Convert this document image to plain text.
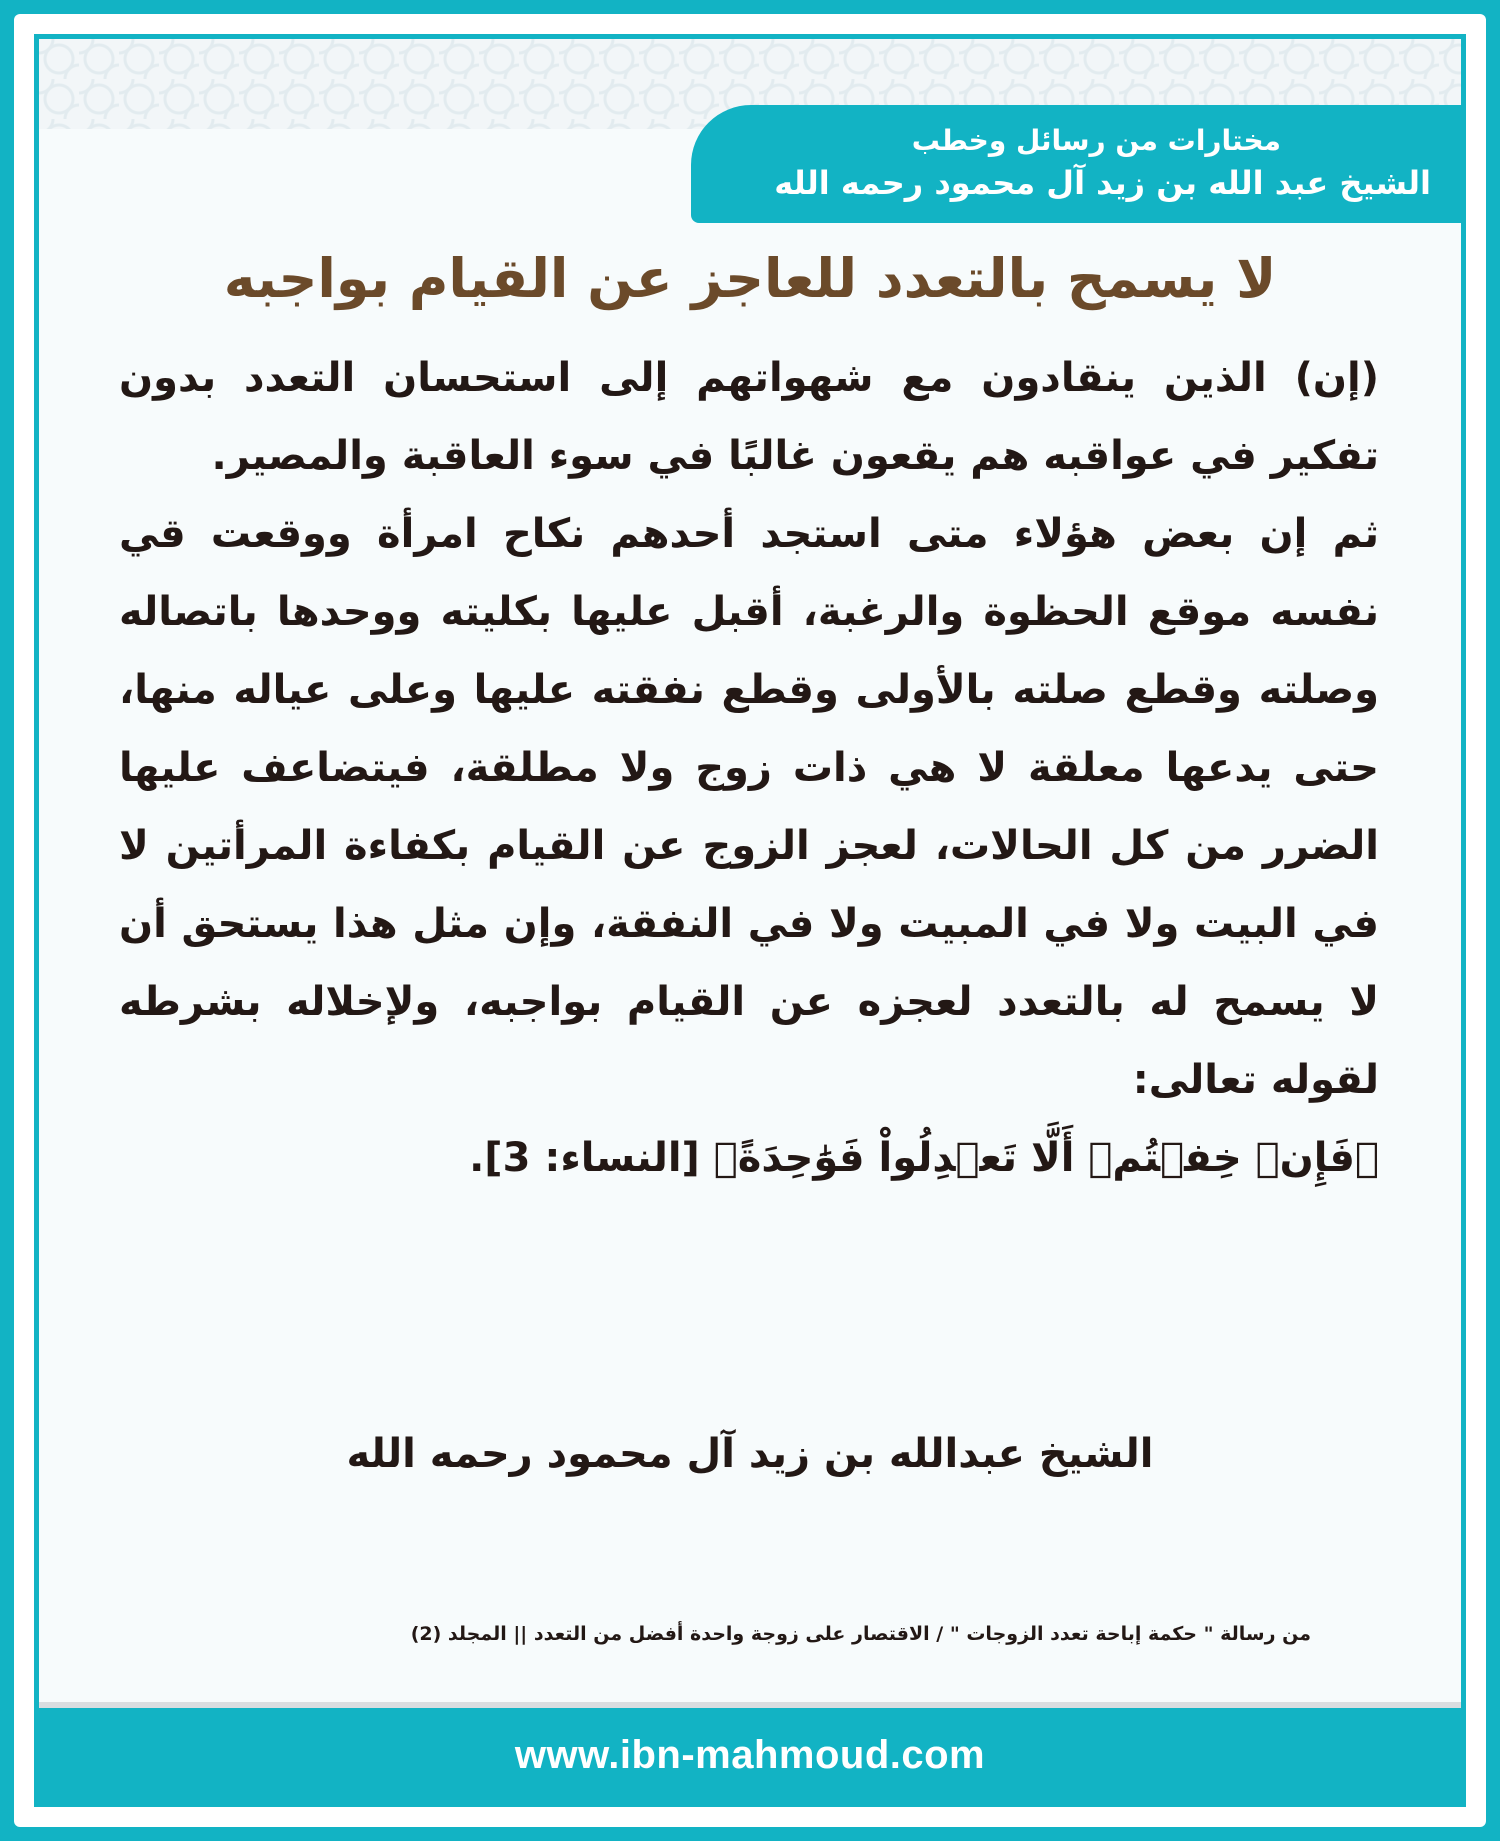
مختارات من رسائل وخطب
الشيخ عبد الله بن زيد آل محمود رحمه الله
لا يسمح بالتعدد للعاجز عن القيام بواجبه

(إن) الذين ينقادون مع شهواتهم إلى استحسان التعدد بدون تفكير في عواقبه هم يقعون غالبًا في سوء العاقبة والمصير.

ثم إن بعض هؤلاء متى استجد أحدهم نكاح امرأة ووقعت قي نفسه موقع الحظوة والرغبة، أقبل عليها بكليته ووحدها باتصاله وصلته وقطع صلته بالأولى وقطع نفقته عليها وعلى عياله منها، حتى يدعها معلقة لا هي ذات زوج ولا مطلقة، فيتضاعف عليها الضرر من كل الحالات، لعجز الزوج عن القيام بكفاءة المرأتين لا في البيت ولا في المبيت ولا في النفقة، وإن مثل هذا يستحق أن لا يسمح له بالتعدد لعجزه عن القيام بواجبه، ولإخلاله بشرطه لقوله تعالى:

﴿فَإِنۡ خِفۡتُمۡ أَلَّا تَعۡدِلُواْ فَوَٰحِدَةً﴾ [النساء: 3].

الشيخ عبدالله بن زيد آل محمود رحمه الله
من رسالة " حكمة إباحة تعدد الزوجات " / الاقتصار على زوجة واحدة أفضل من التعدد || المجلد (2)
www.ibn-mahmoud.com
